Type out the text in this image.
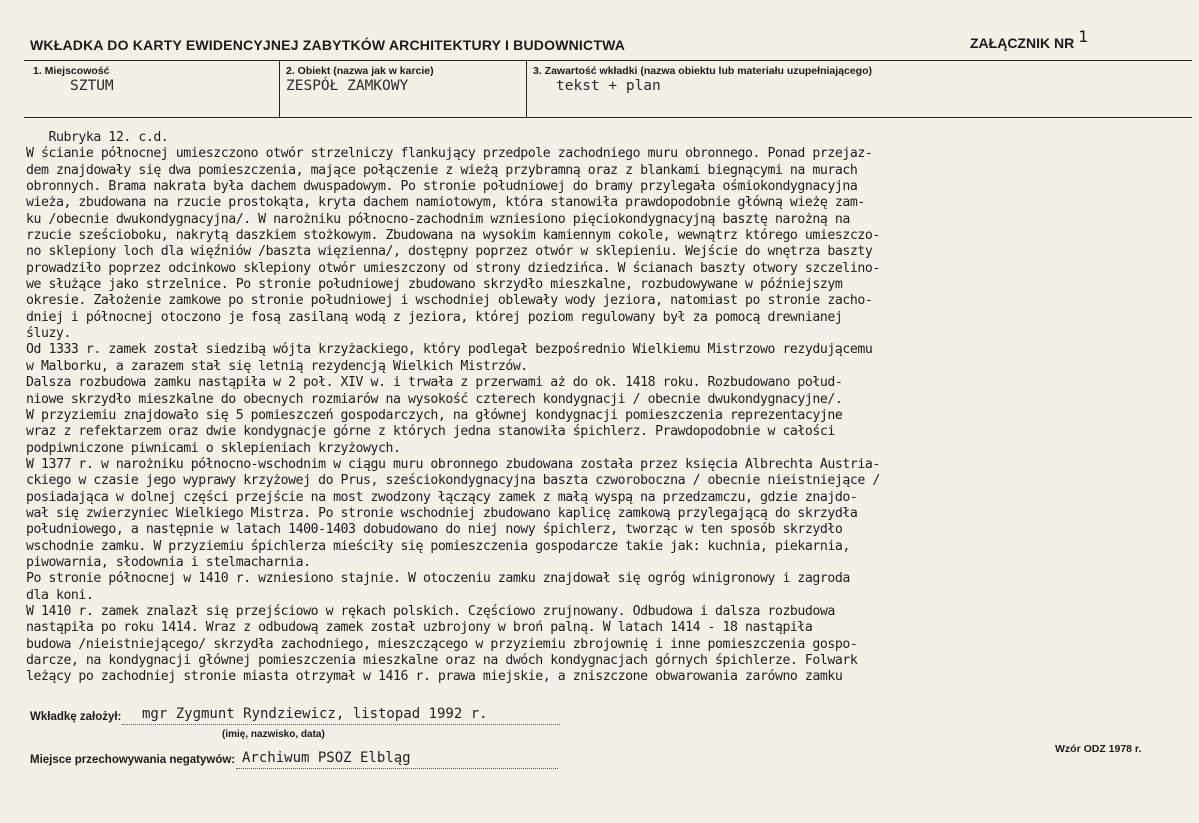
WKŁADKA DO KARTY EWIDENCYJNEJ ZABYTKÓW ARCHITEKTURY I BUDOWNICTWA	ZAŁĄCZNIK NR 1
1. Miejscowość
SZTUM
2. Obiekt (nazwa jak w karcie)
ZESPÓŁ ZAMKOWY
3. Zawartość wkładki (nazwa obiektu lub materiału uzupełniającego)
tekst + plan
Rubryka 12. c.d.
W ścianie północnej umieszczono otwór strzelniczy flankujący przedpole zachodniego muru obronnego. Ponad przejaz-
dem znajdowały się dwa pomieszczenia, mające połączenie z wieżą przybramną oraz z blankami biegnącymi na murach
obronnych. Brama nakrata była dachem dwuspadowym. Po stronie południowej do bramy przylegała ośmiokondygnacyjna
wieża, zbudowana na rzucie prostokąta, kryta dachem namiotowym, która stanowiła prawdopodobnie główną wieżę zam-
ku /obecnie dwukondygnacyjna/. W narożniku północno-zachodnim wzniesiono pięciokondygnacyjną basztę narożną na
rzucie sześcioboku, nakrytą daszkiem stożkowym. Zbudowana na wysokim kamiennym cokole, wewnątrz którego umieszczo-
no sklepiony loch dla więźniów /baszta więzienna/, dostępny poprzez otwór w sklepieniu. Wejście do wnętrza baszty
prowadziło poprzez odcinkowo sklepiony otwór umieszczony od strony dziedzińca. W ścianach baszty otwory szczelino-
we służące jako strzelnice. Po stronie południowej zbudowano skrzydło mieszkalne, rozbudowywane w późniejszym
okresie. Założenie zamkowe po stronie południowej i wschodniej oblewały wody jeziora, natomiast po stronie zacho-
dniej i północnej otoczono je fosą zasilaną wodą z jeziora, której poziom regulowany był za pomocą drewnianej
śluzy.
Od 1333 r. zamek został siedzibą wójta krzyżackiego, który podlegał bezpośrednio Wielkiemu Mistrzowo rezydującemu
w Malborku, a zarazem stał się letnią rezydencją Wielkich Mistrzów.
Dalsza rozbudowa zamku nastąpiła w 2 poł. XIV w. i trwała z przerwami aż do ok. 1418 roku. Rozbudowano połud-
niowe skrzydło mieszkalne do obecnych rozmiarów na wysokość czterech kondygnacji / obecnie dwukondygnacyjne/.
W przyziemiu znajdowało się 5 pomieszczeń gospodarczych, na głównej kondygnacji pomieszczenia reprezentacyjne
wraz z refektarzem oraz dwie kondygnacje górne z których jedna stanowiła śpichlerz. Prawdopodobnie w całości
podpiwniczone piwnicami o sklepieniach krzyżowych.
W 1377 r. w narożniku północno-wschodnim w ciągu muru obronnego zbudowana została przez księcia Albrechta Austria-
ckiego w czasie jego wyprawy krzyżowej do Prus, sześciokondygnacyjna baszta czworoboczna / obecnie nieistniejące /
posiadająca w dolnej części przejście na most zwodzony łączący zamek z małą wyspą na przedzamczu, gdzie znajdo-
wał się zwierzyniec Wielkiego Mistrza. Po stronie wschodniej zbudowano kaplicę zamkową przylegającą do skrzydła
południowego, a następnie w latach 1400-1403 dobudowano do niej nowy śpichlerz, tworząc w ten sposób skrzydło
wschodnie zamku. W przyziemiu śpichlerza mieściły się pomieszczenia gospodarcze takie jak: kuchnia, piekarnia,
piwowarnia, słodownia i stelmacharnia.
Po stronie północnej w 1410 r. wzniesiono stajnie. W otoczeniu zamku znajdował się ogróg winigronowy i zagroda
dla koni.
W 1410 r. zamek znalazł się przejściowo w rękach polskich. Częściowo zrujnowany. Odbudowa i dalsza rozbudowa
nastąpiła po roku 1414. Wraz z odbudową zamek został uzbrojony w broń palną. W latach 1414 - 18 nastąpiła
budowa /nieistniejącego/ skrzydła zachodniego, mieszczącego w przyziemiu zbrojownię i inne pomieszczenia gospo-
darcze, na kondygnacji głównej pomieszczenia mieszkalne oraz na dwóch kondygnacjach górnych śpichlerze. Folwark
leżący po zachodniej stronie miasta otrzymał w 1416 r. prawa miejskie, a zniszczone obwarowania zarówno zamku
Wkładkę założył: mgr Zygmunt Ryndziewicz, listopad 1992 r.
(imię, nazwisko, data)
Miejsce przechowywania negatywów: Archiwum PSOZ Elbląg
Wzór ODZ 1978 r.
